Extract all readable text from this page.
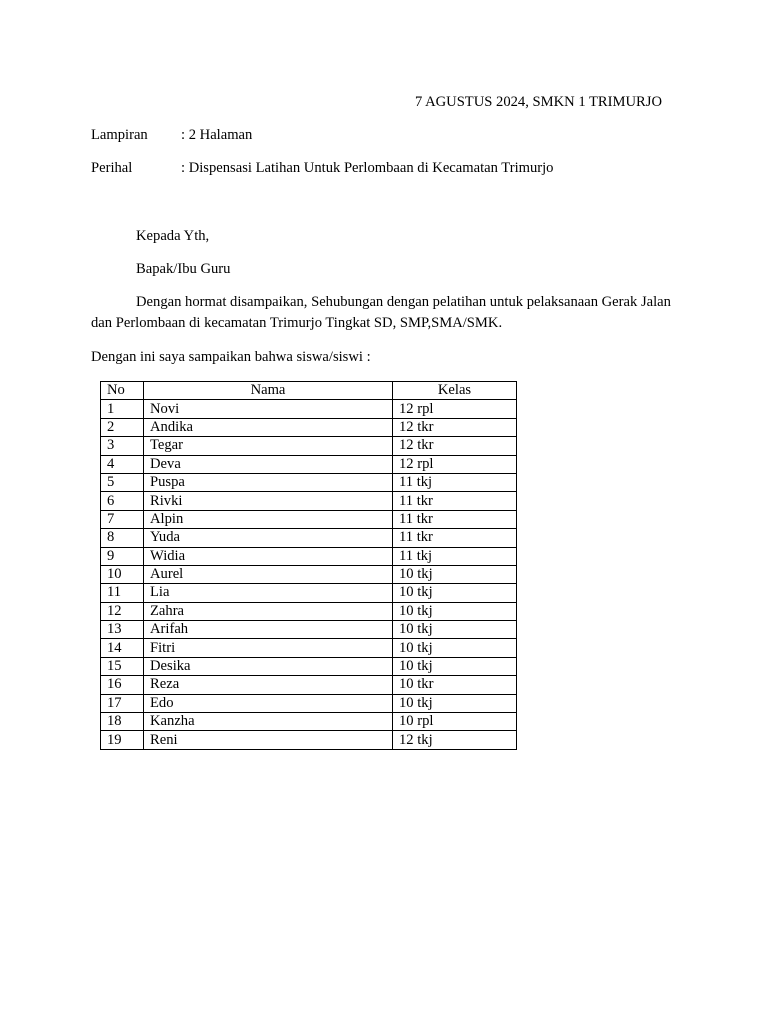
7 AGUSTUS 2024, SMKN 1 TRIMURJO
Lampiran : 2 Halaman
Perihal	: Dispensasi Latihan Untuk Perlombaan di Kecamatan Trimurjo
Kepada Yth,
Bapak/Ibu Guru
Dengan hormat disampaikan, Sehubungan dengan pelatihan untuk pelaksanaan Gerak Jalan dan Perlombaan di kecamatan Trimurjo Tingkat SD, SMP,SMA/SMK.
Dengan ini saya sampaikan bahwa siswa/siswi :
No	Nama	Kelas
1	Novi	12 rpl
2	Andika	12 tkr
3	Tegar	12 tkr
4	Deva	12 rpl
5	Puspa	11 tkj
6	Rivki	11 tkr
7	Alpin	11 tkr
8	Yuda	11 tkr
9	Widia	11 tkj
10	Aurel	10 tkj
11	Lia	10 tkj
12	Zahra	10 tkj
13	Arifah	10 tkj
14	Fitri	10 tkj
15	Desika	10 tkj
16	Reza	10 tkr
17	Edo	10 tkj
18	Kanzha	10 rpl
19	Reni	12 tkj
